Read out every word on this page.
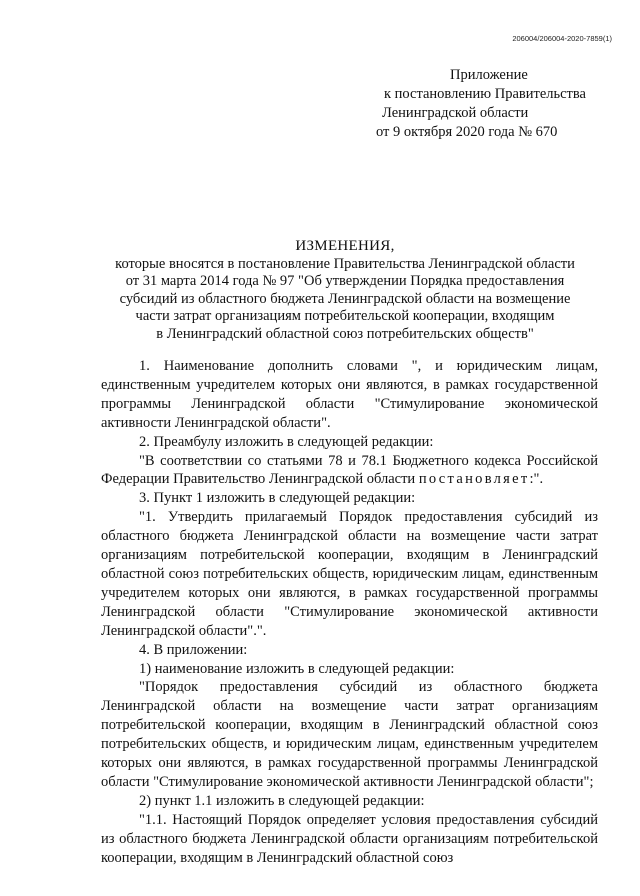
206004/206004-2020-7859(1)
Приложение
к постановлению Правительства
Ленинградской области
от 9 октября 2020 года № 670
ИЗМЕНЕНИЯ,
которые вносятся в постановление Правительства Ленинградской области
от 31 марта 2014 года № 97 "Об утверждении Порядка предоставления
субсидий из областного бюджета Ленинградской области на возмещение
части затрат организациям потребительской кооперации, входящим
в Ленинградский областной союз потребительских обществ"

1. Наименование дополнить словами ", и юридическим лицам, единственным учредителем которых они являются, в рамках государственной программы Ленинградской области "Стимулирование экономической активности Ленинградской области".

2. Преамбулу изложить в следующей редакции:

"В соответствии со статьями 78 и 78.1 Бюджетного кодекса Российской Федерации Правительство Ленинградской области постановляет:".

3. Пункт 1 изложить в следующей редакции:

"1. Утвердить прилагаемый Порядок предоставления субсидий из областного бюджета Ленинградской области на возмещение части затрат организациям потребительской кооперации, входящим в Ленинградский областной союз потребительских обществ, юридическим лицам, единственным учредителем которых они являются, в рамках государственной программы Ленинградской области "Стимулирование экономической активности Ленинградской области".".

4. В приложении:

1) наименование изложить в следующей редакции:

"Порядок предоставления субсидий из областного бюджета Ленинградской области на возмещение части затрат организациям потребительской кооперации, входящим в Ленинградский областной союз потребительских обществ, и юридическим лицам, единственным учредителем которых они являются, в рамках государственной программы Ленинградской области "Стимулирование экономической активности Ленинградской области";

2) пункт 1.1 изложить в следующей редакции:

"1.1. Настоящий Порядок определяет условия предоставления субсидий из областного бюджета Ленинградской области организациям потребительской кооперации, входящим в Ленинградский областной союз
